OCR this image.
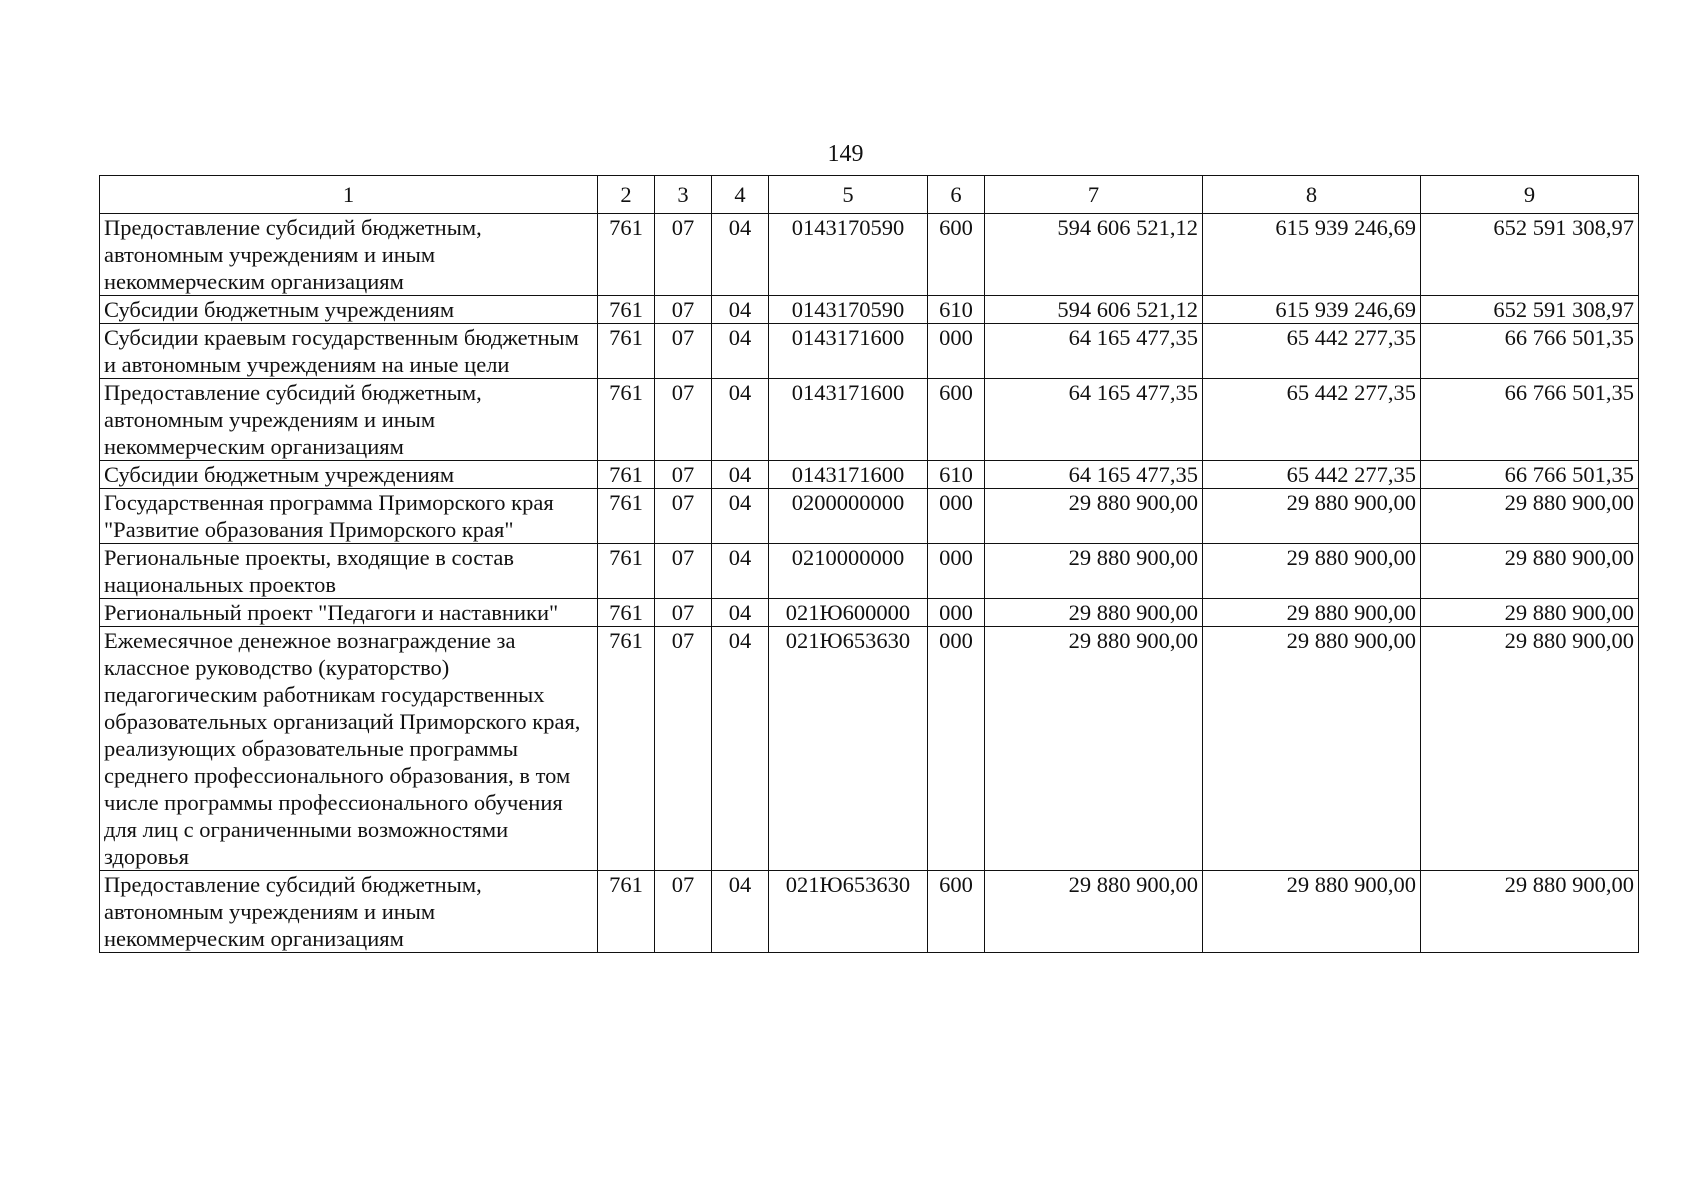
149
1	2	3	4	5	6	7	8	9
Предоставление субсидий бюджетным, автономным учреждениям и иным некоммерческим организациям	761	07	04	0143170590	600	594 606 521,12	615 939 246,69	652 591 308,97
Субсидии бюджетным учреждениям	761	07	04	0143170590	610	594 606 521,12	615 939 246,69	652 591 308,97
Субсидии краевым государственным бюджетным и автономным учреждениям на иные цели	761	07	04	0143171600	000	64 165 477,35	65 442 277,35	66 766 501,35
Предоставление субсидий бюджетным, автономным учреждениям и иным некоммерческим организациям	761	07	04	0143171600	600	64 165 477,35	65 442 277,35	66 766 501,35
Субсидии бюджетным учреждениям	761	07	04	0143171600	610	64 165 477,35	65 442 277,35	66 766 501,35
Государственная программа Приморского края "Развитие образования Приморского края"	761	07	04	0200000000	000	29 880 900,00	29 880 900,00	29 880 900,00
Региональные проекты, входящие в состав национальных проектов	761	07	04	0210000000	000	29 880 900,00	29 880 900,00	29 880 900,00
Региональный проект "Педагоги и наставники"	761	07	04	021Ю600000	000	29 880 900,00	29 880 900,00	29 880 900,00
Ежемесячное денежное вознаграждение за классное руководство (кураторство) педагогическим работникам государственных образовательных организаций Приморского края, реализующих образовательные программы среднего профессионального образования, в том числе программы профессионального обучения для лиц с ограниченными возможностями здоровья	761	07	04	021Ю653630	000	29 880 900,00	29 880 900,00	29 880 900,00
Предоставление субсидий бюджетным, автономным учреждениям и иным некоммерческим организациям	761	07	04	021Ю653630	600	29 880 900,00	29 880 900,00	29 880 900,00
